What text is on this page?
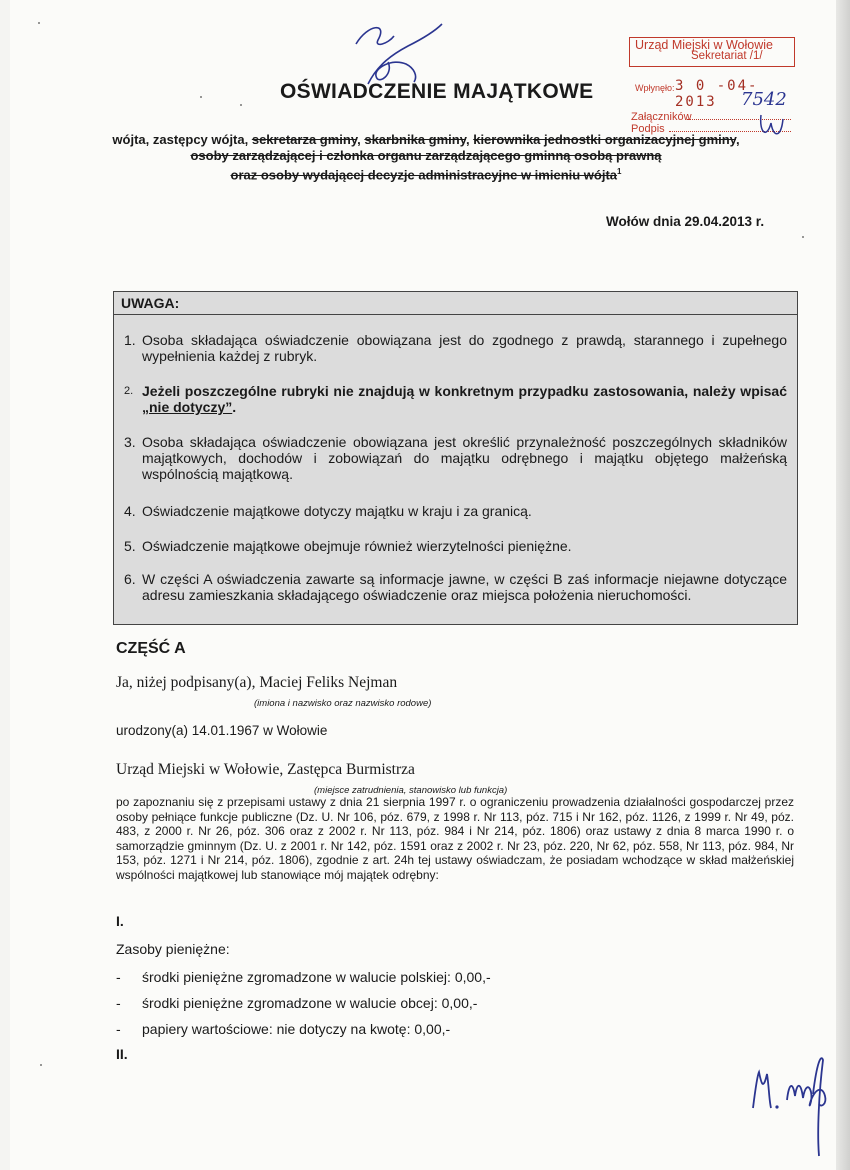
OŚWIADCZENIE MAJĄTKOWE
Urząd Miejski w Wołowie
Sekretariat /1/
Wpłynęło: 3 0 -04- 2013	7542
Załączników
Podpis
wójta, zastępcy wójta, sekretarza gminy, skarbnika gminy, kierownika jednostki organizacyjnej gminy,
osoby zarządzającej i członka organu zarządzającego gminną osobą prawną
oraz osoby wydającej decyzje administracyjne w imieniu wójta$^1$
Wołów dnia 29.04.2013 r.
UWAGA:
1. Osoba składająca oświadczenie obowiązana jest do zgodnego z prawdą, starannego i zupełnego wypełnienia każdej z rubryk.
2. Jeżeli poszczególne rubryki nie znajdują w konkretnym przypadku zastosowania, należy wpisać „nie dotyczy”.
3. Osoba składająca oświadczenie obowiązana jest określić przynależność poszczególnych składników majątkowych, dochodów i zobowiązań do majątku odrębnego i majątku objętego małżeńską wspólnością majątkową.
4. Oświadczenie majątkowe dotyczy majątku w kraju i za granicą.
5. Oświadczenie majątkowe obejmuje również wierzytelności pieniężne.
6. W części A oświadczenia zawarte są informacje jawne, w części B zaś informacje niejawne dotyczące adresu zamieszkania składającego oświadczenie oraz miejsca położenia nieruchomości.
CZĘŚĆ A
Ja, niżej podpisany(a), Maciej Feliks Nejman
(imiona i nazwisko oraz nazwisko rodowe)
urodzony(a) 14.01.1967 w Wołowie
Urząd Miejski w Wołowie, Zastępca Burmistrza
(miejsce zatrudnienia, stanowisko lub funkcja)
po zapoznaniu się z przepisami ustawy z dnia 21 sierpnia 1997 r. o ograniczeniu prowadzenia działalności gospodarczej przez osoby pełniące funkcje publiczne (Dz. U. Nr 106, póz. 679, z 1998 r. Nr 113, póz. 715 i Nr 162, póz. 1126, z 1999 r. Nr 49, póz. 483, z 2000 r. Nr 26, póz. 306 oraz z 2002 r. Nr 113, póz. 984 i Nr 214, póz. 1806) oraz ustawy z dnia 8 marca 1990 r. o samorządzie gminnym (Dz. U. z 2001 r. Nr 142, póz. 1591 oraz z 2002 r. Nr 23, póz. 220, Nr 62, póz. 558, Nr 113, póz. 984, Nr 153, póz. 1271 i Nr 214, póz. 1806), zgodnie z art. 24h tej ustawy oświadczam, że posiadam wchodzące w skład małżeńskiej wspólności majątkowej lub stanowiące mój majątek odrębny:
I.
Zasoby pieniężne:
- środki pieniężne zgromadzone w walucie polskiej: 0,00,-
- środki pieniężne zgromadzone w walucie obcej: 0,00,-
- papiery wartościowe: nie dotyczy na kwotę: 0,00,-
II.
